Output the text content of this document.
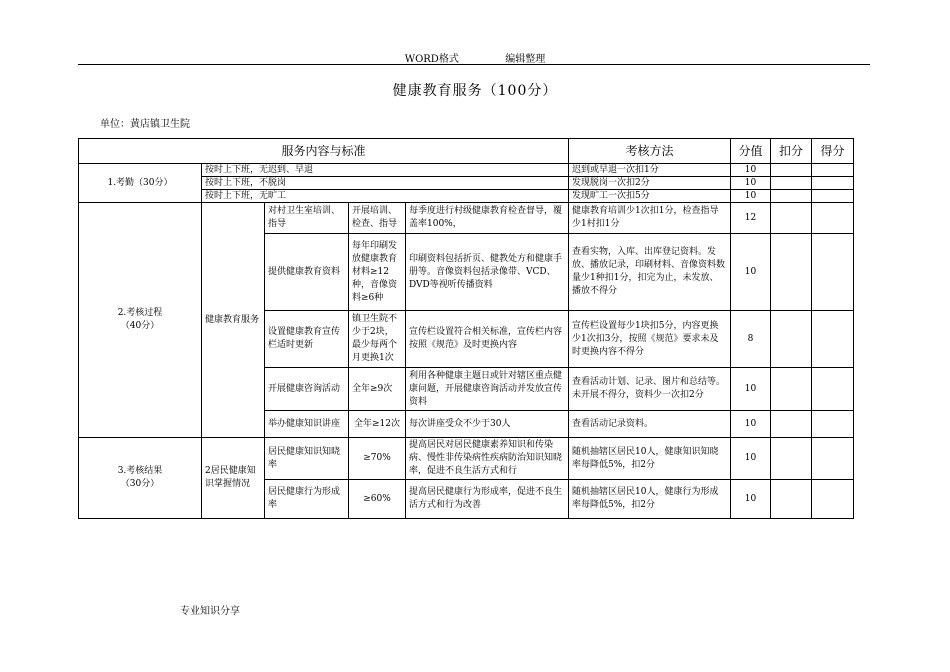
WORD格式	编辑整理
健康教育服务（100分）
单位：黄店镇卫生院
服务内容与标准					考核方法	分值	扣分	得分
1.考勤（30分）	按时上下班，无迟到、早退				迟到或早退一次扣1分	10		
	按时上下班，不脱岗				发现脱岗一次扣2分	10		
	按时上下班，无旷工				发现旷工一次扣5分	10		
2.考核过程
（40分）	健康教育服务	对村卫生室培训、指导	开展培训、检查、指导	每季度进行村级健康教育检查督导，覆盖率100%，	健康教育培训少1次扣1分，检查指导少1村扣1分	12		
		提供健康教育资料	每年印刷发放健康教育材料≥12种，音像资料≥6种	印刷资料包括折页、健教处方和健康手册等。音像资料包括录像带、VCD、DVD等视听传播资料	查看实物，入库、出库登记资料。发放、播放记录，印刷材料、音像资料数量少1种扣1分，扣完为止，未发放、播放不得分	10		
		设置健康教育宣传栏适时更新	镇卫生院不少于2块，最少每两个月更换1次	宣传栏设置符合相关标准，宣传栏内容按照《规范》及时更换内容	宣传栏设置每少1块扣5分，内容更换少1次扣3分，按照《规范》要求未及时更换内容不得分	8		
		开展健康咨询活动	全年≥9次	利用各种健康主题日或针对辖区重点健康问题，开展健康咨询活动并发放宣传资料	查看活动计划、记录、图片和总结等。未开展不得分，资料少一次扣2分	10		
		举办健康知识讲座	全年≥12次	每次讲座受众不少于30人	查看活动记录资料。	10		
3.考核结果
（30分）	2居民健康知识掌握情况	居民健康知识知晓率	≥70%	提高居民对居民健康素养知识和传染病、慢性非传染病性疾病防治知识知晓率，促进不良生活方式和行	随机抽辖区居民10人，健康知识知晓率每降低5%，扣2分	10		
		居民健康行为形成率	≥60%	提高居民健康行为形成率，促进不良生活方式和行为改善	随机抽辖区居民10人，健康行为形成率每降低5%，扣2分	10		
专业知识分享
